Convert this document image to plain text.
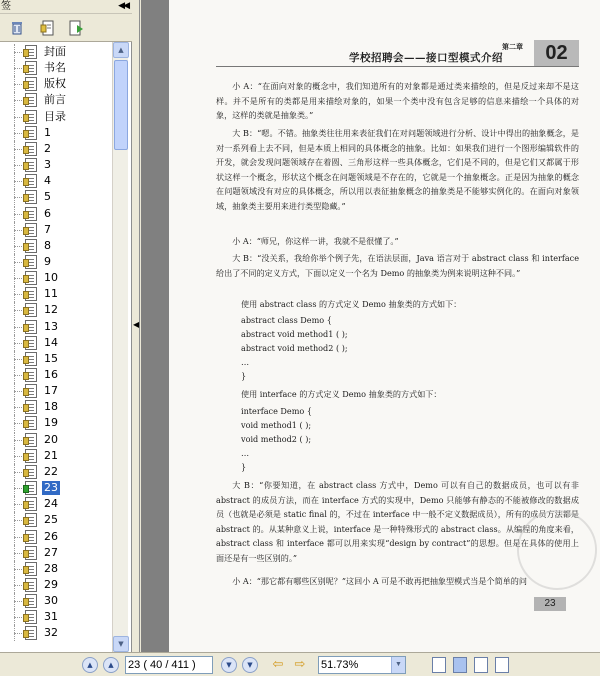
签	◀◀
封面
书名
版权
前言
目录
1
2
3
4
5
6
7
8
9
10
11
12
13
14
15
16
17
18
19
20
21
22
23
24
25
26
27
28
29
30
31
32
▲
▼
◀
第二章
学校招聘会——接口型模式介绍	02
小 A：“在面向对象的概念中，我们知道所有的对象都是通过类来描绘的，但是反过来却不是这样。并不是所有的类都是用来描绘对象的，如果一个类中没有包含足够的信息来描绘一个具体的对象，这样的类就是抽象类。”
大 B：“嗯。不错。抽象类往往用来表征我们在对问题领域进行分析、设计中得出的抽象概念，是对一系列看上去不同，但是本质上相同的具体概念的抽象。比如：如果我们进行一个图形编辑软件的开发，就会发现问题领域存在着圆、三角形这样一些具体概念，它们是不同的，但是它们又都属于形状这样一个概念，形状这个概念在问题领域是不存在的，它就是一个抽象概念。正是因为抽象的概念在问题领域没有对应的具体概念，所以用以表征抽象概念的抽象类是不能够实例化的。在面向对象领域，抽象类主要用来进行类型隐藏。”
小 A：“师兄，你这样一讲，我就不是很懂了。”
大 B：“没关系，我给你举个例子先，在语法层面，Java 语言对于 abstract class 和 interface 给出了不同的定义方式，下面以定义一个名为 Demo 的抽象类为例来说明这种不同。”
使用 abstract class 的方式定义 Demo 抽象类的方式如下：
abstract class Demo {
abstract void method1 ( );
abstract void method2 ( );
…
}
使用 interface 的方式定义 Demo 抽象类的方式如下：
interface Demo {
void method1 ( );
void method2 ( );
…
}
大 B：“你要知道，在 abstract class 方式中，Demo 可以有自己的数据成员，也可以有非 abstract 的成员方法，而在 interface 方式的实现中，Demo 只能够有静态的不能被修改的数据成员（也就是必须是 static final 的，不过在 interface 中一般不定义数据成员），所有的成员方法都是 abstract 的。从某种意义上说，interface 是一种特殊形式的 abstract class。从编程的角度来看，abstract class 和 interface 都可以用来实现“design by contract”的思想。但是在具体的使用上面还是有一些区别的。”
小 A：“那它都有哪些区别呢？”这回小 A 可是不敢再把抽象型模式当是个简单的问
23
▲	▲	23 ( 40 / 411 )	▼	▼	⇦ ⇨ 51.73%	▼
